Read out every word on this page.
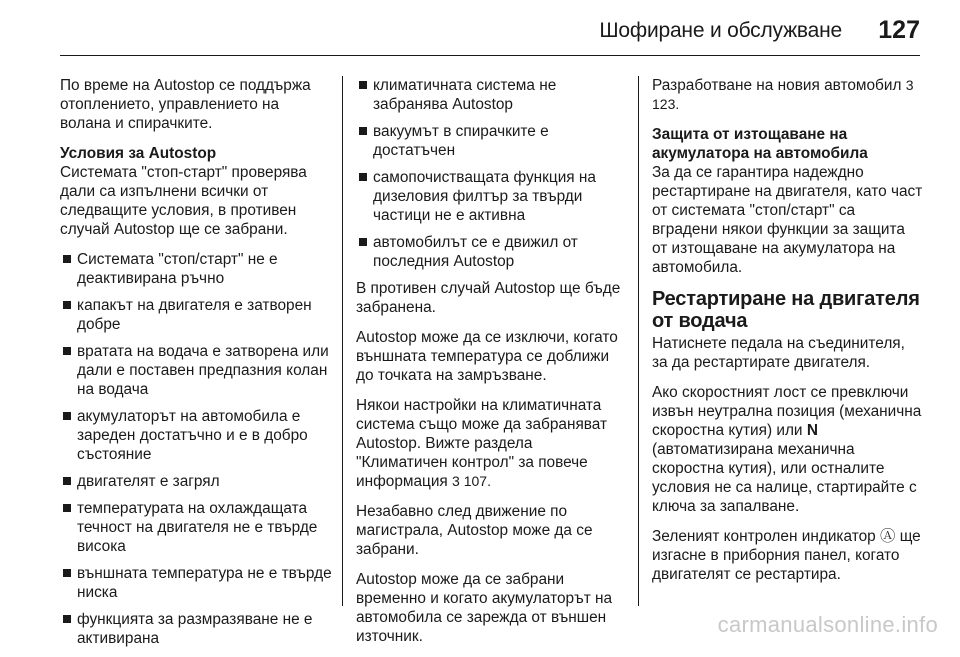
Шофиране и обслужване 127

По време на Autostop се поддържа отоплението, управлението на волана и спирачките.

Условия за Autostop
Системата "стоп-старт" проверява дали са изпълнени всички от следващите условия, в противен случай Autostop ще се забрани.

Системата "стоп/старт" не е деактивирана ръчно
капакът на двигателя е затворен добре
вратата на водача е затворена или дали е поставен предпазния колан на водача
акумулаторът на автомобила е зареден достатъчно и е в добро състояние
двигателят е загрял
температурата на охлаждащата течност на двигателя не е твърде висока
външната температура не е твърде ниска
функцията за размразяване не е активирана
климатичната система не забранява Autostop
вакуумът в спирачките е достатъчен
самопочистващата функция на дизеловия филтър за твърди частици не е активна
автомобилът се е движил от последния Autostop

В противен случай Autostop ще бъде забранена.

Autostop може да се изключи, когато външната температура се доближи до точката на замръзване.

Някои настройки на климатичната система също може да забраняват Autostop. Вижте раздела "Климатичен контрол" за повече информация 3 107.

Незабавно след движение по магистрала, Autostop може да се забрани.

Autostop може да се забрани временно и когато акумулаторът на автомобила се зарежда от външен източник.

Разработване на новия автомобил 3 123.

Защита от изтощаване на акумулатора на автомобила
За да се гарантира надеждно рестартиране на двигателя, като част от системата "стоп/старт" са вградени някои функции за защита от изтощаване на акумулатора на автомобила.

Рестартиране на двигателя от водача

Натиснете педала на съединителя, за да рестартирате двигателя.

Ако скоростният лост се превключи извън неутрална позиция (механична скоростна кутия) или N (автоматизирана механична скоростна кутия), или остналите условия не са налице, стартирайте с ключа за запалване.

Зеленият контролен индикатор Ⓐ ще изгасне в приборния панел, когато двигателят се рестартира.

carmanualsonline.info
